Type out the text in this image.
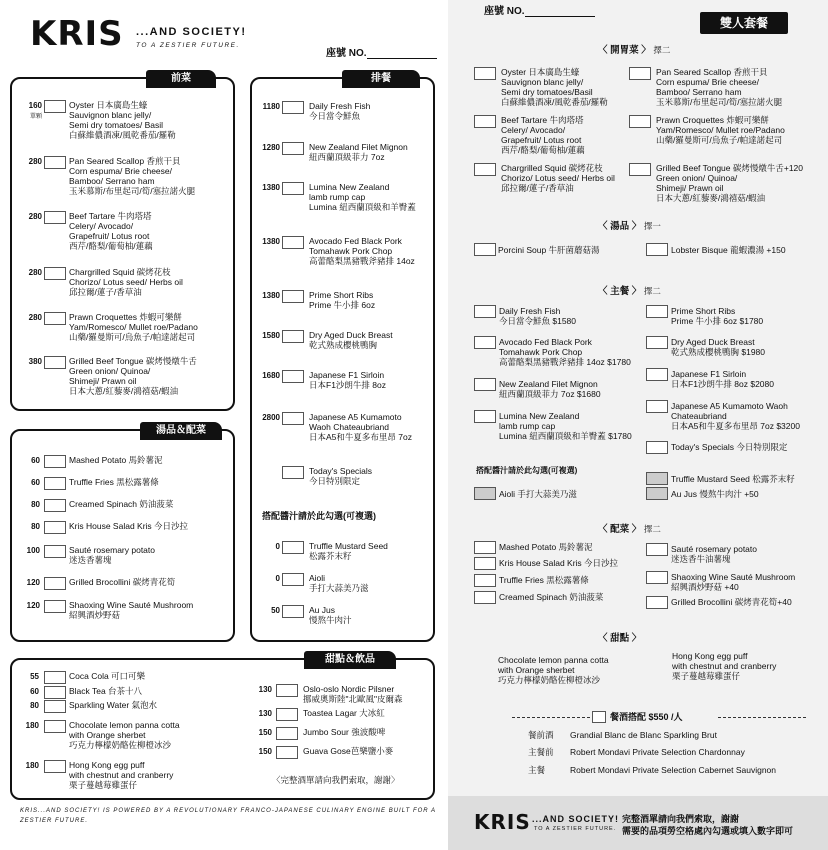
KRIS ...AND SOCIETY!
TO A ZESTIER FUTURE.
座號 NO.
前菜
160
單顆
Oyster 日本廣島生蠔
Sauvignon blanc jelly/
Semi dry tomatoes/ Basil
白蘇維儂酒凍/風乾番茄/羅勒
280	Pan Seared Scallop 香煎干貝
Corn espuma/ Brie cheese/
Bamboo/ Serrano ham
玉米慕斯/布里起司/筍/塞拉諾火腿
280	Beef Tartare 牛肉塔塔
Celery/ Avocado/
Grapefruit/ Lotus root
西芹/酪梨/葡萄柚/蓮藕
280	Chargrilled Squid 碳烤花枝
Chorizo/ Lotus seed/ Herbs oil
邱拉爾/蓮子/香草油
280	Prawn Croquettes 炸蝦可樂餅
Yam/Romesco/ Mullet roe/Padano
山藥/羅曼斯可/烏魚子/帕達諾起司
380	Grilled Beef Tongue 碳烤慢燉牛舌
Green onion/ Quinoa/
Shimeji/ Prawn oil
日本大蔥/紅藜麥/鴻禧菇/蝦油
排餐
1180	Daily Fresh Fish
今日當令鮮魚
1280	New Zealand Filet Mignon
紐西蘭頂級菲力 7oz
1380	Lumina New Zealand
lamb rump cap
Lumina 紐西蘭頂級和羊臀蓋
1380	Avocado Fed Black Pork
Tomahawk Pork Chop
高蕾酪梨黑豬戰斧豬排 14oz
1380	Prime Short Ribs
Prime 牛小排 6oz
1580	Dry Aged Duck Breast
乾式熟成櫻桃鴨胸
1680	Japanese F1 Sirloin
日本F1沙朗牛排 8oz
2800	Japanese A5 Kumamoto
Waoh Chateaubriand
日本A5和牛夏多布里昂 7oz
Today's Specials
今日特別限定
搭配醬汁請於此勾選(可複選)
0	Truffle Mustard Seed
松露芥末籽
0	Aioli
手打大蒜美乃滋
50	Au Jus
慢熬牛肉汁
湯品＆配菜
60	Mashed Potato 馬鈴薯泥
60	Truffle Fries 黑松露薯條
80	Creamed Spinach 奶油菠菜
80	Kris House Salad Kris 今日沙拉
100	Sauté rosemary potato
迷迭香薯塊
120	Grilled Brocollini 碳烤青花筍
120	Shaoxing Wine Sauté Mushroom
紹興酒炒野菇
甜點＆飲品
55	Coca Cola 可口可樂
60	Black Tea 台茶十八
80	Sparkling Water 氣泡水
180	Chocolate lemon panna cotta
with Orange sherbet
巧克力檸檬奶酪佐柳橙冰沙
180	Hong Kong egg puff
with chestnut and cranberry
栗子蔓越莓雞蛋仔
130	Oslo-oslo Nordic Pilsner
挪威奧斯陸"北歐風"皮爾森
130	Toastea Lagar 大冰紅
150	Jumbo Sour 強波酸啤
150	Guava Gose芭樂鹽小麥
〈完整酒單請向我們索取，謝謝〉
KRIS...AND SOCIETY! IS POWERED BY A REVOLUTIONARY FRANCO-JAPANESE CULINARY ENGINE BUILT FOR A ZESTIER FUTURE.
座號 NO.
雙人套餐
〈 開胃菜 〉 擇二
Oyster 日本廣島生蠔
Sauvignon blanc jelly/
Semi dry tomatoes/Basil
白蘇維儂酒凍/風乾番茄/羅勒
Pan Seared Scallop 香煎干貝
Corn espuma/ Brie cheese/
Bamboo/ Serrano ham
玉米慕斯/布里起司/筍/塞拉諾火腿
Beef Tartare 牛肉塔塔
Celery/ Avocado/
Grapefruit/ Lotus root
西芹/酪梨/葡萄柚/蓮藕
Prawn Croquettes 炸蝦可樂餅
Yam/Romesco/ Mullet roe/Padano
山藥/羅曼斯可/烏魚子/帕達諾起司
Chargrilled Squid 碳烤花枝
Chorizo/ Lotus seed/ Herbs oil
邱拉爾/蓮子/香草油
Grilled Beef Tongue 碳烤慢燉牛舌+120
Green onion/ Quinoa/
Shimeji/ Prawn oil
日本大蔥/紅藜麥/鴻禧菇/蝦油
〈 湯品 〉 擇一
Porcini Soup 牛肝菌蘑菇湯	Lobster Bisque 龍蝦濃湯 +150
〈 主餐 〉 擇二
Daily Fresh Fish
今日當令鮮魚 $1580
Avocado Fed Black Pork
Tomahawk Pork Chop
高蕾酪梨黑豬戰斧豬排 14oz $1780
New Zealand Filet Mignon
紐西蘭頂級菲力 7oz $1680
Lumina New Zealand
lamb rump cap
Lumina 紐西蘭頂級和羊臀蓋 $1780
Prime Short Ribs
Prime 牛小排 6oz $1780
Dry Aged Duck Breast
乾式熟成櫻桃鴨胸 $1980
Japanese F1 Sirloin
日本F1沙朗牛排 8oz $2080
Japanese A5 Kumamoto Waoh
Chateaubriand
日本A5和牛夏多布里昂 7oz $3200
Today's Specials 今日特別限定
搭配醬汁請於此勾選(可複選)
Aioli 手打大蒜美乃滋
Truffle Mustard Seed 松露芥末籽
Au Jus 慢熬牛肉汁 +50
〈 配菜 〉 擇二
Mashed Potato 馬鈴薯泥
Kris House Salad Kris 今日沙拉
Truffle Fries 黑松露薯條
Creamed Spinach 奶油菠菜
Sauté rosemary potato
迷迭香牛油薯塊
Shaoxing Wine Sauté Mushroom
紹興酒炒野菇 +40
Grilled Brocollini 碳烤青花筍+40
〈 甜點 〉
Chocolate lemon panna cotta
with Orange sherbet
巧克力檸檬奶酪佐柳橙冰沙
Hong Kong egg puff
with chestnut and cranberry
栗子蔓越莓雞蛋仔
餐酒搭配 $550 /人
餐前酒 Grandial Blanc de Blanc Sparkling Brut
主餐前 Robert Mondavi Private Selection Chardonnay
主餐	Robert Mondavi Private Selection Cabernet Sauvignon
KRIS ...AND SOCIETY!
TO A ZESTIER FUTURE.
完整酒單請向我們索取，謝謝
需要的品項勞空格處內勾選或填入數字即可
